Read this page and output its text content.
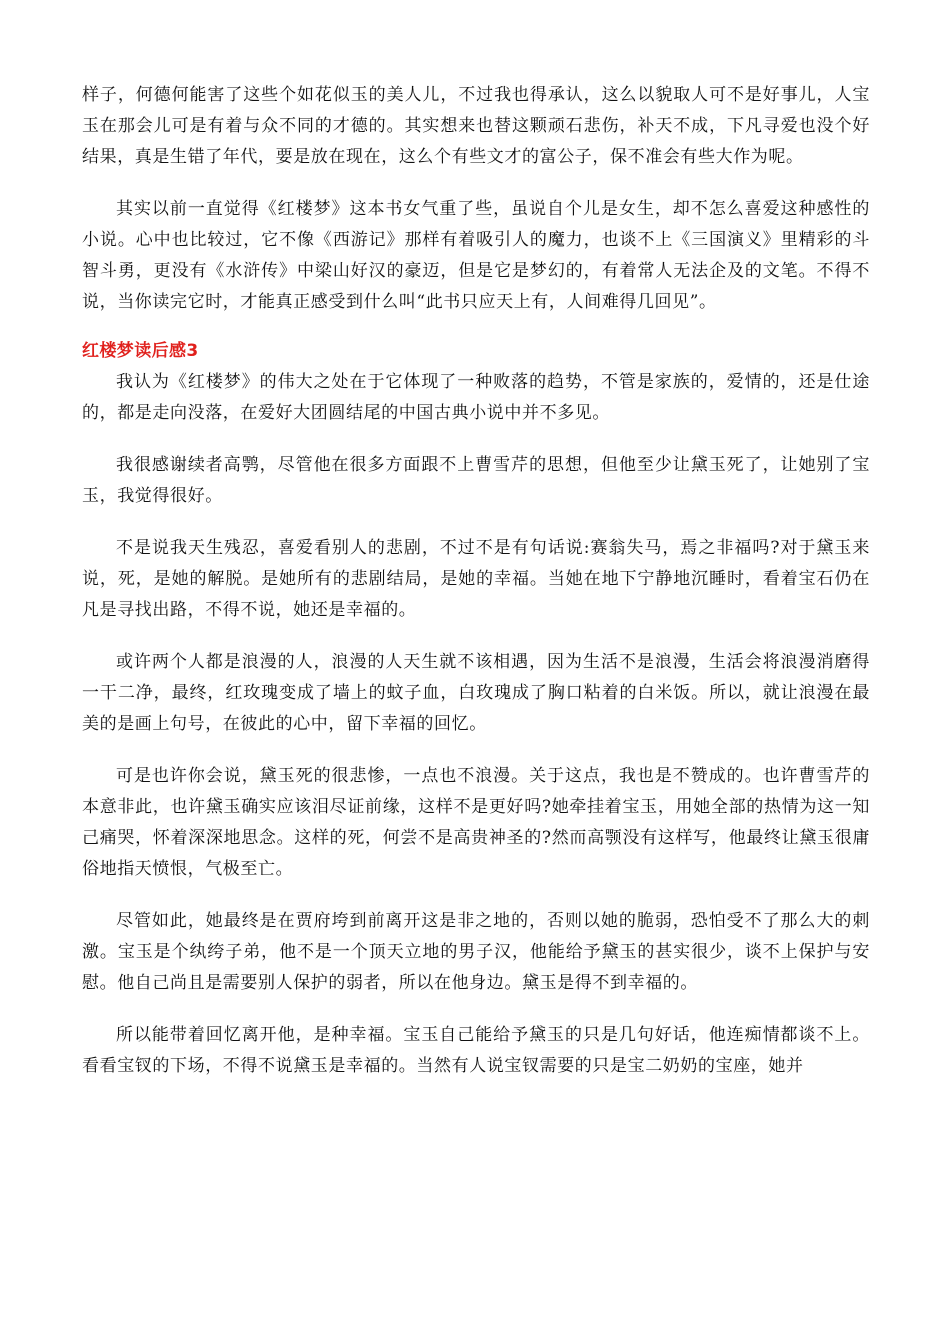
样子，何德何能害了这些个如花似玉的美人儿，不过我也得承认，这么以貌取人可不是好事儿，人宝玉在那会儿可是有着与众不同的才德的。其实想来也替这颗顽石悲伤，补天不成，下凡寻爱也没个好结果，真是生错了年代，要是放在现在，这么个有些文才的富公子，保不准会有些大作为呢。

其实以前一直觉得《红楼梦》这本书女气重了些，虽说自个儿是女生，却不怎么喜爱这种感性的小说。心中也比较过，它不像《西游记》那样有着吸引人的魔力，也谈不上《三国演义》里精彩的斗智斗勇，更没有《水浒传》中梁山好汉的豪迈，但是它是梦幻的，有着常人无法企及的文笔。不得不说，当你读完它时，才能真正感受到什么叫“此书只应天上有，人间难得几回见”。

红楼梦读后感3

我认为《红楼梦》的伟大之处在于它体现了一种败落的趋势，不管是家族的，爱情的，还是仕途的，都是走向没落，在爱好大团圆结尾的中国古典小说中并不多见。

我很感谢续者高鹗，尽管他在很多方面跟不上曹雪芹的思想，但他至少让黛玉死了，让她别了宝玉，我觉得很好。

不是说我天生残忍，喜爱看别人的悲剧，不过不是有句话说:赛翁失马，焉之非福吗?对于黛玉来说，死，是她的解脱。是她所有的悲剧结局，是她的幸福。当她在地下宁静地沉睡时，看着宝石仍在凡是寻找出路，不得不说，她还是幸福的。

或许两个人都是浪漫的人，浪漫的人天生就不该相遇，因为生活不是浪漫，生活会将浪漫消磨得一干二净，最终，红玫瑰变成了墙上的蚊子血，白玫瑰成了胸口粘着的白米饭。所以，就让浪漫在最美的是画上句号，在彼此的心中，留下幸福的回忆。

可是也许你会说，黛玉死的很悲惨，一点也不浪漫。关于这点，我也是不赞成的。也许曹雪芹的本意非此，也许黛玉确实应该泪尽证前缘，这样不是更好吗?她牵挂着宝玉，用她全部的热情为这一知己痛哭，怀着深深地思念。这样的死，何尝不是高贵神圣的?然而高颚没有这样写，他最终让黛玉很庸俗地指天愤恨，气极至亡。

尽管如此，她最终是在贾府垮到前离开这是非之地的，否则以她的脆弱，恐怕受不了那么大的刺激。宝玉是个纨绔子弟，他不是一个顶天立地的男子汉，他能给予黛玉的甚实很少，谈不上保护与安慰。他自己尚且是需要别人保护的弱者，所以在他身边。黛玉是得不到幸福的。

所以能带着回忆离开他，是种幸福。宝玉自己能给予黛玉的只是几句好话，他连痴情都谈不上。看看宝钗的下场，不得不说黛玉是幸福的。当然有人说宝钗需要的只是宝二奶奶的宝座，她并
